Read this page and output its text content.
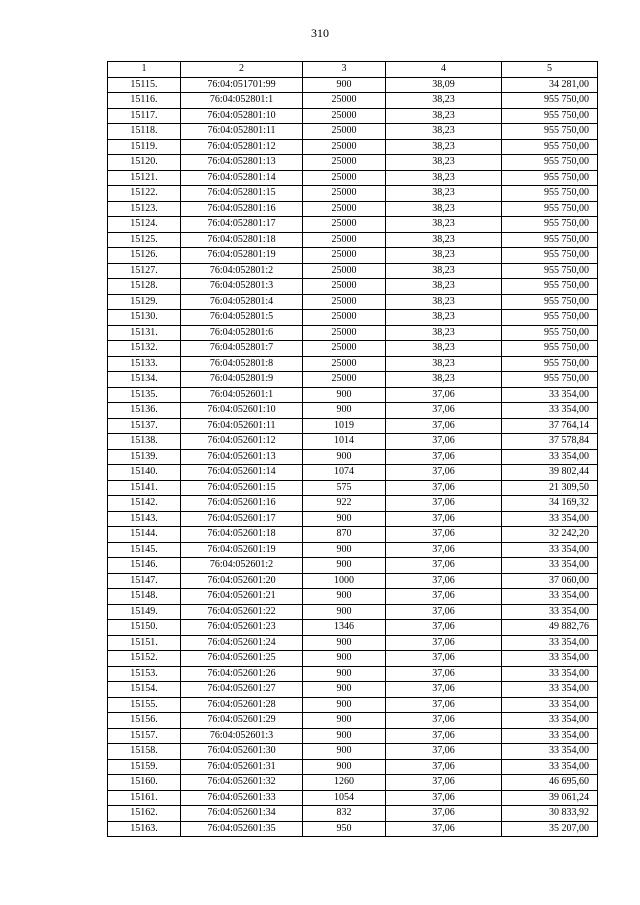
310
1	2	3	4	5
15115.	76:04:051701:99	900	38,09	34 281,00
15116.	76:04:052801:1	25000	38,23	955 750,00
15117.	76:04:052801:10	25000	38,23	955 750,00
15118.	76:04:052801:11	25000	38,23	955 750,00
15119.	76:04:052801:12	25000	38,23	955 750,00
15120.	76:04:052801:13	25000	38,23	955 750,00
15121.	76:04:052801:14	25000	38,23	955 750,00
15122.	76:04:052801:15	25000	38,23	955 750,00
15123.	76:04:052801:16	25000	38,23	955 750,00
15124.	76:04:052801:17	25000	38,23	955 750,00
15125.	76:04:052801:18	25000	38,23	955 750,00
15126.	76:04:052801:19	25000	38,23	955 750,00
15127.	76:04:052801:2	25000	38,23	955 750,00
15128.	76:04:052801:3	25000	38,23	955 750,00
15129.	76:04:052801:4	25000	38,23	955 750,00
15130.	76:04:052801:5	25000	38,23	955 750,00
15131.	76:04:052801:6	25000	38,23	955 750,00
15132.	76:04:052801:7	25000	38,23	955 750,00
15133.	76:04:052801:8	25000	38,23	955 750,00
15134.	76:04:052801:9	25000	38,23	955 750,00
15135.	76:04:052601:1	900	37,06	33 354,00
15136.	76:04:052601:10	900	37,06	33 354,00
15137.	76:04:052601:11	1019	37,06	37 764,14
15138.	76:04:052601:12	1014	37,06	37 578,84
15139.	76:04:052601:13	900	37,06	33 354,00
15140.	76:04:052601:14	1074	37,06	39 802,44
15141.	76:04:052601:15	575	37,06	21 309,50
15142.	76:04:052601:16	922	37,06	34 169,32
15143.	76:04:052601:17	900	37,06	33 354,00
15144.	76:04:052601:18	870	37,06	32 242,20
15145.	76:04:052601:19	900	37,06	33 354,00
15146.	76:04:052601:2	900	37,06	33 354,00
15147.	76:04:052601:20	1000	37,06	37 060,00
15148.	76:04:052601:21	900	37,06	33 354,00
15149.	76:04:052601:22	900	37,06	33 354,00
15150.	76:04:052601:23	1346	37,06	49 882,76
15151.	76:04:052601:24	900	37,06	33 354,00
15152.	76:04:052601:25	900	37,06	33 354,00
15153.	76:04:052601:26	900	37,06	33 354,00
15154.	76:04:052601:27	900	37,06	33 354,00
15155.	76:04:052601:28	900	37,06	33 354,00
15156.	76:04:052601:29	900	37,06	33 354,00
15157.	76:04:052601:3	900	37,06	33 354,00
15158.	76:04:052601:30	900	37,06	33 354,00
15159.	76:04:052601:31	900	37,06	33 354,00
15160.	76:04:052601:32	1260	37,06	46 695,60
15161.	76:04:052601:33	1054	37,06	39 061,24
15162.	76:04:052601:34	832	37,06	30 833,92
15163.	76:04:052601:35	950	37,06	35 207,00
